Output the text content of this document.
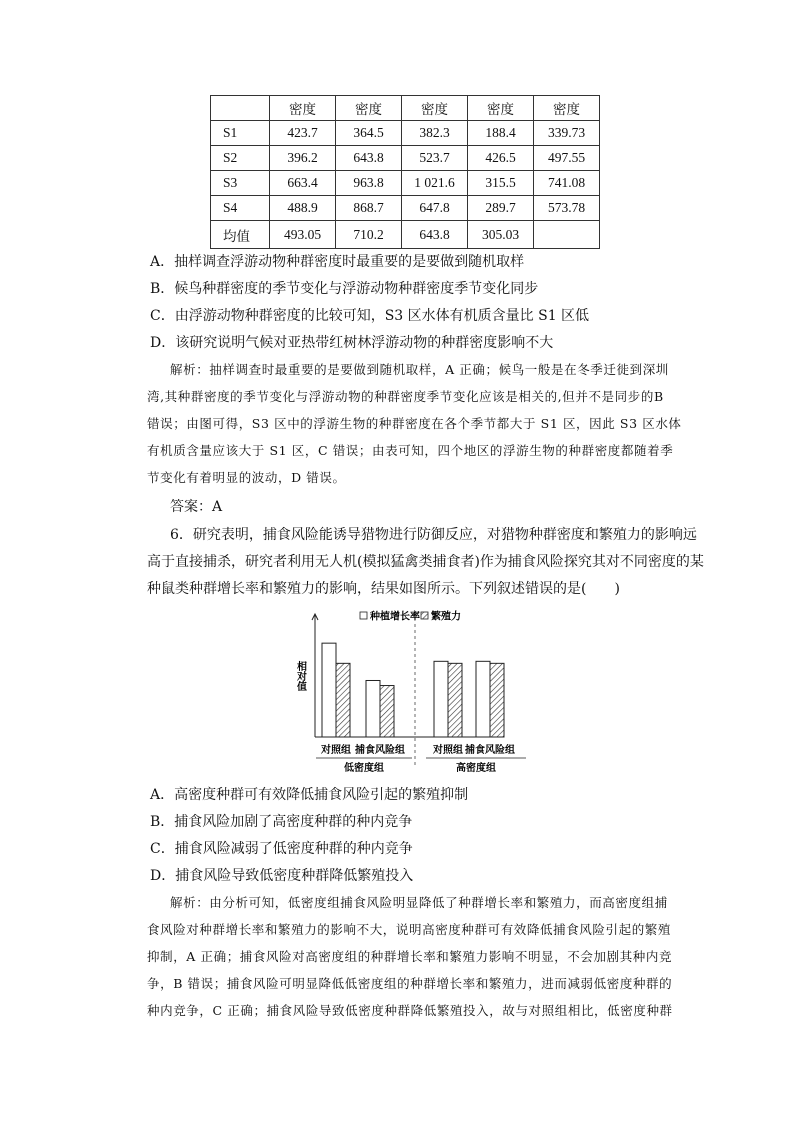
	密度	密度	密度	密度	密度
S1	423.7	364.5	382.3	188.4	339.73
S2	396.2	643.8	523.7	426.5	497.55
S3	663.4	963.8	1 021.6	315.5	741.08
S4	488.9	868.7	647.8	289.7	573.78
均值	493.05	710.2	643.8	305.03	
A．抽样调查浮游动物种群密度时最重要的是要做到随机取样
B．候鸟种群密度的季节变化与浮游动物种群密度季节变化同步
C．由浮游动物种群密度的比较可知，S3 区水体有机质含量比 S1 区低
D．该研究说明气候对亚热带红树林浮游动物的种群密度影响不大
解析：抽样调查时最重要的是要做到随机取样，A 正确；候鸟一般是在冬季迁徙到深圳
湾,其种群密度的季节变化与浮游动物的种群密度季节变化应该是相关的,但并不是同步的B
错误；由图可得，S3 区中的浮游生物的种群密度在各个季节都大于 S1 区，因此 S3 区水体
有机质含量应该大于 S1 区，C 错误；由表可知，四个地区的浮游生物的种群密度都随着季
节变化有着明显的波动，D 错误。
答案：A
6．研究表明，捕食风险能诱导猎物进行防御反应，对猎物种群密度和繁殖力的影响远
高于直接捕杀，研究者利用无人机(模拟猛禽类捕食者)作为捕食风险探究其对不同密度的某
种鼠类种群增长率和繁殖力的影响，结果如图所示。下列叙述错误的是(　　)
相对值
种植增长率 繁殖力
对照组 捕食风险组	对照组 捕食风险组
低密度组	高密度组
A．高密度种群可有效降低捕食风险引起的繁殖抑制
B．捕食风险加剧了高密度种群的种内竞争
C．捕食风险减弱了低密度种群的种内竞争
D．捕食风险导致低密度种群降低繁殖投入
解析：由分析可知，低密度组捕食风险明显降低了种群增长率和繁殖力，而高密度组捕
食风险对种群增长率和繁殖力的影响不大，说明高密度种群可有效降低捕食风险引起的繁殖
抑制，A 正确；捕食风险对高密度组的种群增长率和繁殖力影响不明显，不会加剧其种内竞
争，B 错误；捕食风险可明显降低低密度组的种群增长率和繁殖力，进而减弱低密度种群的
种内竞争，C 正确；捕食风险导致低密度种群降低繁殖投入，故与对照组相比，低密度种群
